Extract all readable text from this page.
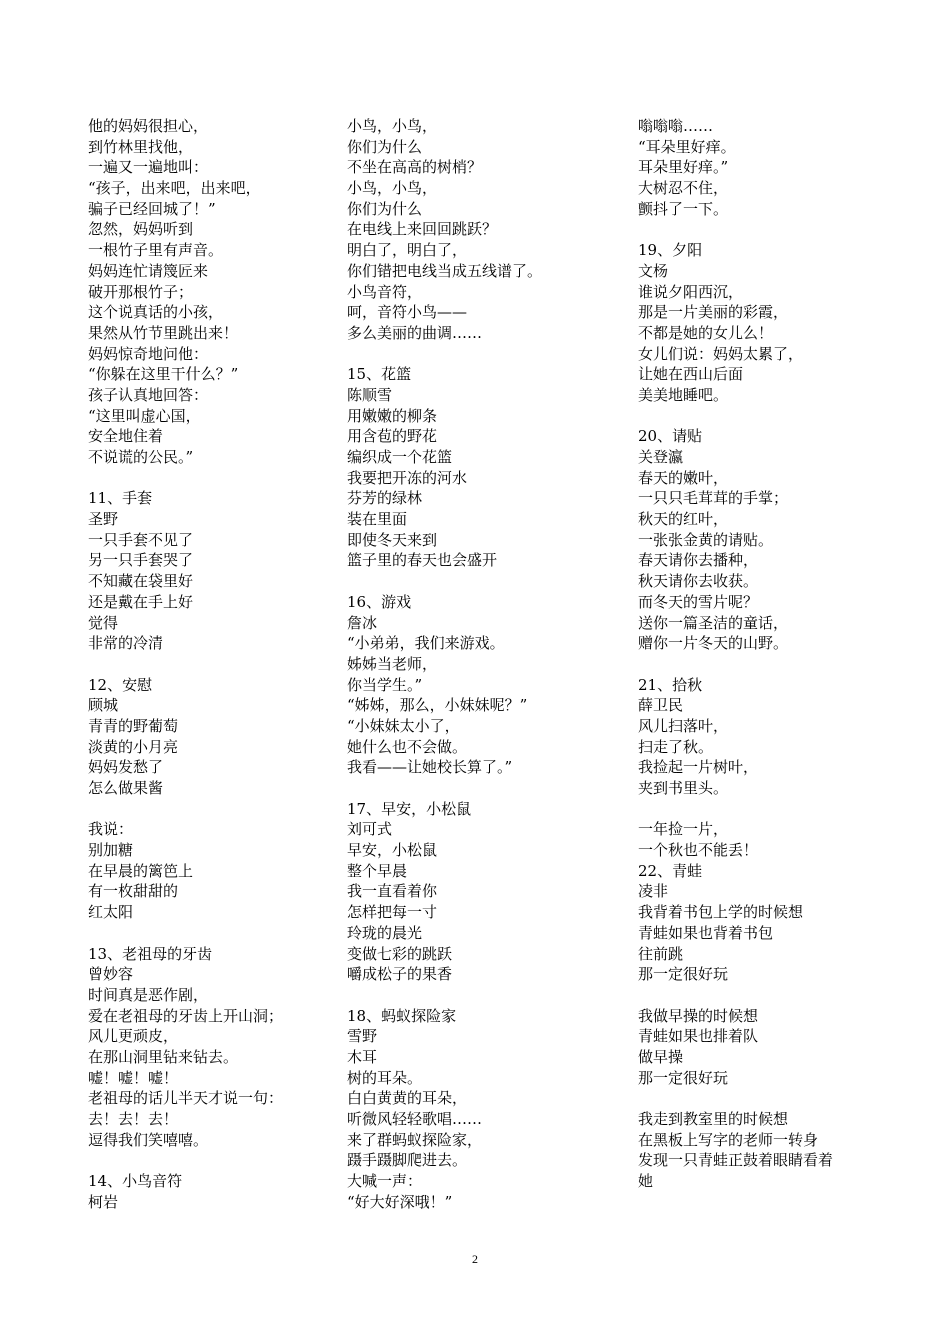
他的妈妈很担心，
到竹林里找他，
一遍又一遍地叫：
“孩子，出来吧，出来吧，
骗子已经回城了！”
忽然，妈妈听到
一根竹子里有声音。
妈妈连忙请篾匠来
破开那根竹子；
这个说真话的小孩，
果然从竹节里跳出来！
妈妈惊奇地问他：
“你躲在这里干什么？”
孩子认真地回答：
“这里叫虚心国，
安全地住着
不说谎的公民。”
11、手套
圣野
一只手套不见了
另一只手套哭了
不知藏在袋里好
还是戴在手上好
觉得
非常的冷清
12、安慰
顾城
青青的野葡萄
淡黄的小月亮
妈妈发愁了
怎么做果酱
我说：
别加糖
在早晨的篱笆上
有一枚甜甜的
红太阳
13、老祖母的牙齿
曾妙容
时间真是恶作剧，
爱在老祖母的牙齿上开山洞；
风儿更顽皮，
在那山洞里钻来钻去。
嘘！嘘！嘘！
老祖母的话儿半天才说一句：
去！去！去！
逗得我们笑嘻嘻。
14、小鸟音符
柯岩
小鸟，小鸟，
你们为什么
不坐在高高的树梢？
小鸟，小鸟，
你们为什么
在电线上来回回跳跃？
明白了，明白了，
你们错把电线当成五线谱了。
小鸟音符，
呵，音符小鸟——
多么美丽的曲调……
15、花篮
陈顺雪
用嫩嫩的柳条
用含苞的野花
编织成一个花篮
我要把开冻的河水
芬芳的绿林
装在里面
即使冬天来到
篮子里的春天也会盛开
16、游戏
詹冰
“小弟弟，我们来游戏。
姊姊当老师，
你当学生。”
“姊姊，那么，小妹妹呢？”
“小妹妹太小了，
她什么也不会做。
我看——让她校长算了。”
17、早安，小松鼠
刘可式
早安，小松鼠
整个早晨
我一直看着你
怎样把每一寸
玲珑的晨光
变做七彩的跳跃
嚼成松子的果香
18、蚂蚁探险家
雪野
木耳
树的耳朵。
白白黄黄的耳朵，
听微风轻轻歌唱……
来了群蚂蚁探险家，
蹑手蹑脚爬进去。
大喊一声：
“好大好深哦！”
嗡嗡嗡……
“耳朵里好痒。
耳朵里好痒。”
大树忍不住，
颤抖了一下。
19、夕阳
文杨
谁说夕阳西沉，
那是一片美丽的彩霞，
不都是她的女儿么！
女儿们说：妈妈太累了，
让她在西山后面
美美地睡吧。
20、请贴
关登瀛
春天的嫩叶，
一只只毛茸茸的手掌；
秋天的红叶，
一张张金黄的请贴。
春天请你去播种，
秋天请你去收获。
而冬天的雪片呢？
送你一篇圣洁的童话，
赠你一片冬天的山野。
21、拾秋
薛卫民
风儿扫落叶，
扫走了秋。
我捡起一片树叶，
夹到书里头。
一年捡一片，
一个秋也不能丢！
22、青蛙
凌非
我背着书包上学的时候想
青蛙如果也背着书包
往前跳
那一定很好玩
我做早操的时候想
青蛙如果也排着队
做早操
那一定很好玩
我走到教室里的时候想
在黑板上写字的老师一转身
发现一只青蛙正鼓着眼睛看着
她
2
